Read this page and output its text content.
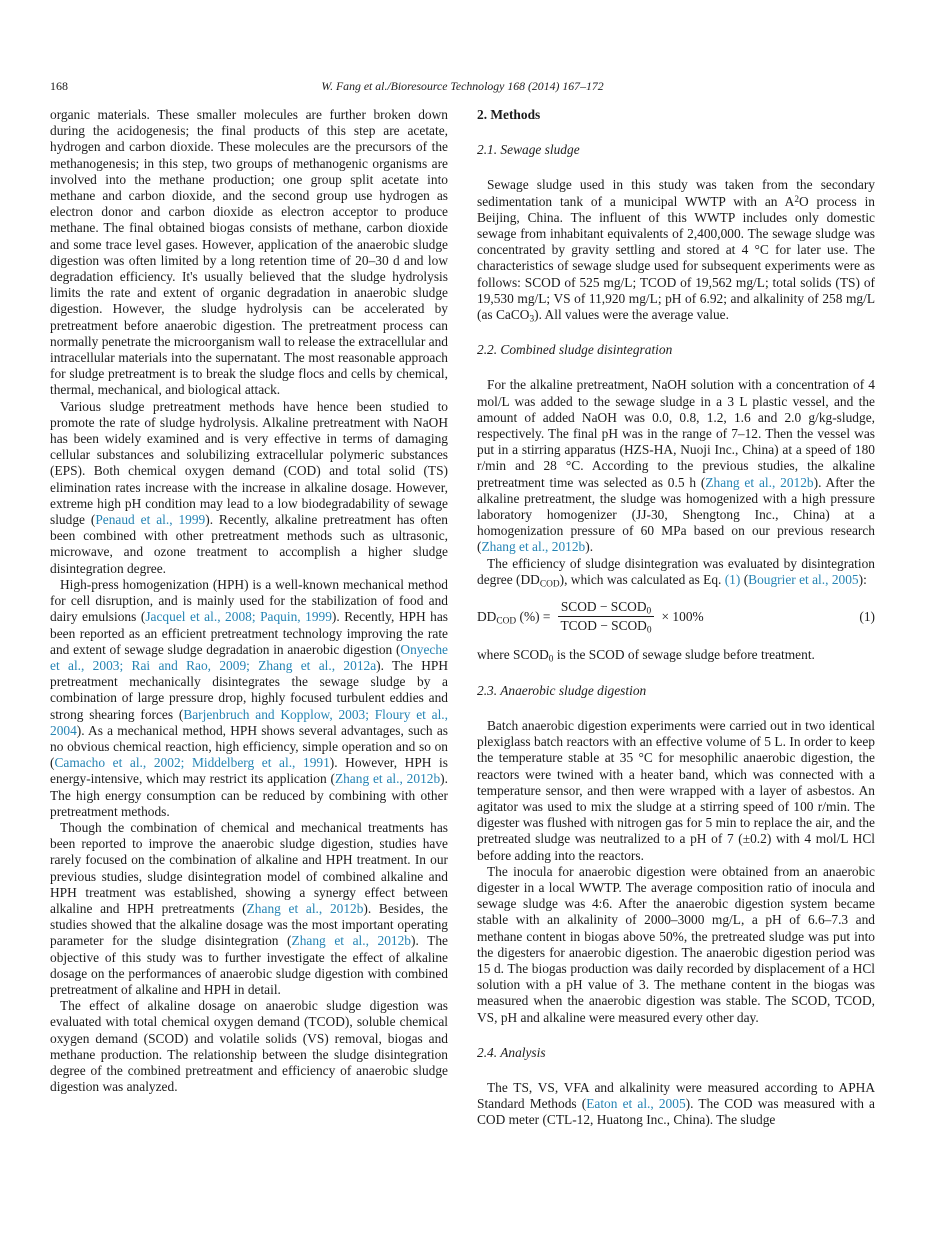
168	W. Fang et al./Bioresource Technology 168 (2014) 167–172

organic materials. These smaller molecules are further broken down during the acidogenesis; the final products of this step are acetate, hydrogen and carbon dioxide. These molecules are the precursors of the methanogenesis; in this step, two groups of methanogenic organisms are involved into the methane production; one group split acetate into methane and carbon dioxide, and the second group use hydrogen as electron donor and carbon dioxide as electron acceptor to produce methane. The final obtained biogas consists of methane, carbon dioxide and some trace level gases. However, application of the anaerobic sludge digestion was often limited by a long retention time of 20–30 d and low degradation efficiency. It's usually believed that the sludge hydrolysis limits the rate and extent of organic degradation in anaerobic sludge digestion. However, the sludge hydrolysis can be accelerated by pretreatment before anaerobic digestion. The pretreatment process can normally penetrate the microorganism wall to release the extracellular and intracellular materials into the supernatant. The most reasonable approach for sludge pretreatment is to break the sludge flocs and cells by chemical, thermal, mechanical, and biological attack.

Various sludge pretreatment methods have hence been studied to promote the rate of sludge hydrolysis. Alkaline pretreatment with NaOH has been widely examined and is very effective in terms of damaging cellular substances and solubilizing extracellular polymeric substances (EPS). Both chemical oxygen demand (COD) and total solid (TS) elimination rates increase with the increase in alkaline dosage. However, extreme high pH condition may lead to a low biodegradability of sewage sludge (Penaud et al., 1999). Recently, alkaline pretreatment has often been combined with other pretreatment methods such as ultrasonic, microwave, and ozone treatment to accomplish a higher sludge disintegration degree.

High-press homogenization (HPH) is a well-known mechanical method for cell disruption, and is mainly used for the stabilization of food and dairy emulsions (Jacquel et al., 2008; Paquin, 1999). Recently, HPH has been reported as an efficient pretreatment technology improving the rate and extent of sewage sludge degradation in anaerobic digestion (Onyeche et al., 2003; Rai and Rao, 2009; Zhang et al., 2012a). The HPH pretreatment mechanically disintegrates the sewage sludge by a combination of large pressure drop, highly focused turbulent eddies and strong shearing forces (Barjenbruch and Kopplow, 2003; Floury et al., 2004). As a mechanical method, HPH shows several advantages, such as no obvious chemical reaction, high efficiency, simple operation and so on (Camacho et al., 2002; Middelberg et al., 1991). However, HPH is energy-intensive, which may restrict its application (Zhang et al., 2012b). The high energy consumption can be reduced by combining with other pretreatment methods.

Though the combination of chemical and mechanical treatments has been reported to improve the anaerobic sludge digestion, studies have rarely focused on the combination of alkaline and HPH treatment. In our previous studies, sludge disintegration model of combined alkaline and HPH treatment was established, showing a synergy effect between alkaline and HPH pretreatments (Zhang et al., 2012b). Besides, the studies showed that the alkaline dosage was the most important operating parameter for the sludge disintegration (Zhang et al., 2012b). The objective of this study was to further investigate the effect of alkaline dosage on the performances of anaerobic sludge digestion with combined pretreatment of alkaline and HPH in detail.

The effect of alkaline dosage on anaerobic sludge digestion was evaluated with total chemical oxygen demand (TCOD), soluble chemical oxygen demand (SCOD) and volatile solids (VS) removal, biogas and methane production. The relationship between the sludge disintegration degree of the combined pretreatment and efficiency of anaerobic sludge digestion was analyzed.

2. Methods
2.1. Sewage sludge

Sewage sludge used in this study was taken from the secondary sedimentation tank of a municipal WWTP with an $A^2O$ process in Beijing, China. The influent of this WWTP includes only domestic sewage from inhabitant equivalents of 2,400,000. The sewage sludge was concentrated by gravity settling and stored at 4 °C for later use. The characteristics of sewage sludge used for subsequent experiments were as follows: SCOD of 525 mg/L; TCOD of 19,562 mg/L; total solids (TS) of 19,530 mg/L; VS of 11,920 mg/L; pH of 6.92; and alkalinity of 258 mg/L (as CaCO$_3$). All values were the average value.

2.2. Combined sludge disintegration

For the alkaline pretreatment, NaOH solution with a concentration of 4 mol/L was added to the sewage sludge in a 3 L plastic vessel, and the amount of added NaOH was 0.0, 0.8, 1.2, 1.6 and 2.0 g/kg-sludge, respectively. The final pH was in the range of 7–12. Then the vessel was put in a stirring apparatus (HZS-HA, Nuoji Inc., China) at a speed of 180 r/min and 28 °C. According to the previous studies, the alkaline pretreatment time was selected as 0.5 h (Zhang et al., 2012b). After the alkaline pretreatment, the sludge was homogenized with a high pressure laboratory homogenizer (JJ-30, Shengtong Inc., China) at a homogenization pressure of 60 MPa based on our previous research (Zhang et al., 2012b).

The efficiency of sludge disintegration was evaluated by disintegration degree $(DD_{COD})$, which was calculated as Eq. (1) (Bougrier et al., 2005):

$DD_{COD}$ (%) = $\frac{SCOD - SCOD_0}{TCOD - SCOD_0} \times 100\%$	(1)

where $SCOD_0$ is the SCOD of sewage sludge before treatment.

2.3. Anaerobic sludge digestion

Batch anaerobic digestion experiments were carried out in two identical plexiglass batch reactors with an effective volume of 5 L. In order to keep the temperature stable at 35 °C for mesophilic anaerobic digestion, the reactors were twined with a heater band, which was connected with a temperature sensor, and then were wrapped with a layer of asbestos. An agitator was used to mix the sludge at a stirring speed of 100 r/min. The digester was flushed with nitrogen gas for 5 min to replace the air, and the pretreated sludge was neutralized to a pH of 7 (±0.2) with 4 mol/L HCl before adding into the reactors.

The inocula for anaerobic digestion were obtained from an anaerobic digester in a local WWTP. The average composition ratio of inocula and sewage sludge was 4:6. After the anaerobic digestion system became stable with an alkalinity of 2000–3000 mg/L, a pH of 6.6–7.3 and methane content in biogas above 50%, the pretreated sludge was put into the digesters for anaerobic digestion. The anaerobic digestion period was 15 d. The biogas production was daily recorded by displacement of a HCl solution with a pH value of 3. The methane content in the biogas was measured when the anaerobic digestion was stable. The SCOD, TCOD, VS, pH and alkaline were measured every other day.

2.4. Analysis

The TS, VS, VFA and alkalinity were measured according to APHA Standard Methods (Eaton et al., 2005). The COD was measured with a COD meter (CTL-12, Huatong Inc., China). The sludge
